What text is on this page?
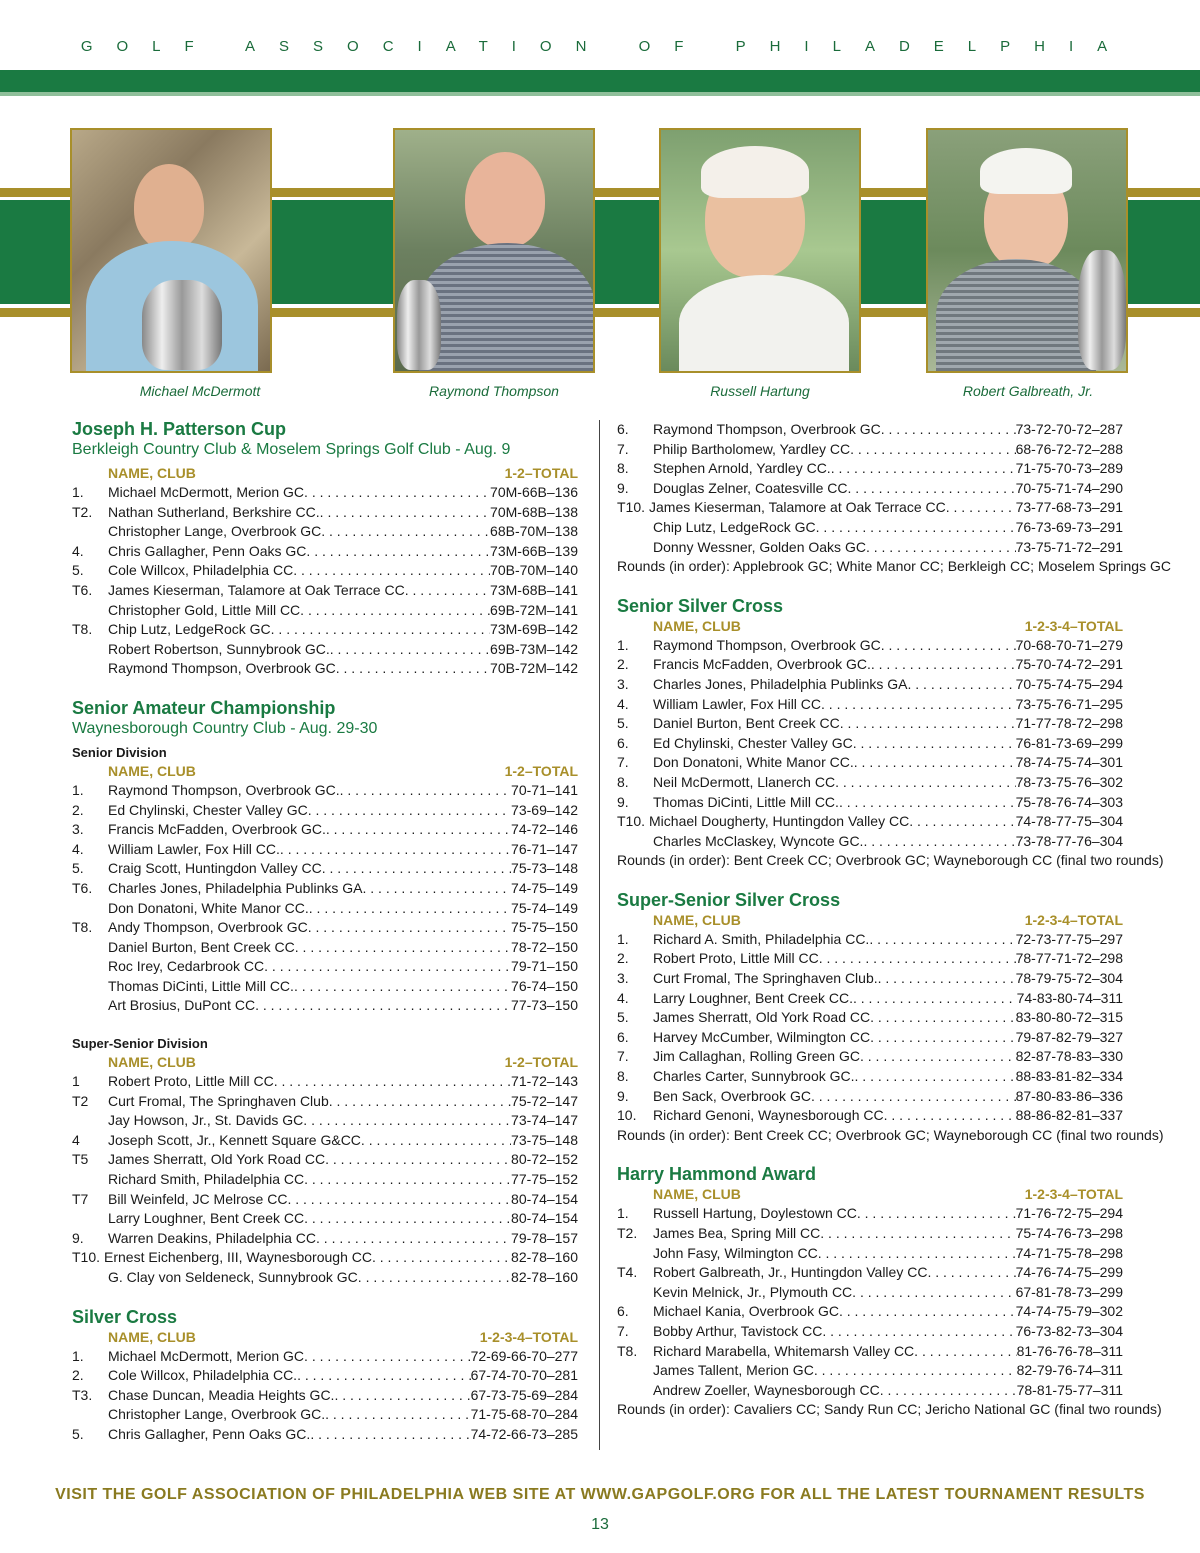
GOLF ASSOCIATION OF PHILADELPHIA
Michael McDermott	Raymond Thompson	Russell Hartung	Robert Galbreath, Jr.
Joseph H. Patterson Cup
Berkleigh Country Club & Moselem Springs Golf Club - Aug. 9
NAME, CLUB	1-2–TOTAL
1.	Michael McDermott, Merion GC . . .	70M-66B–136
T2.	Nathan Sutherland, Berkshire CC. . . .	70M-68B–138
Christopher Lange, Overbrook GC . . .	68B-70M–138
4.	Chris Gallagher, Penn Oaks GC . . .	73M-66B–139
5.	Cole Willcox, Philadelphia CC . . .	70B-70M–140
T6.	James Kieserman, Talamore at Oak Terrace CC . . .	73M-68B–141
Christopher Gold, Little Mill CC . . .	69B-72M–141
T8.	Chip Lutz, LedgeRock GC . . .	73M-69B–142
Robert Robertson, Sunnybrook GC. . . .	69B-73M–142
Raymond Thompson, Overbrook GC . . .	70B-72M–142
Senior Amateur Championship
Waynesborough Country Club - Aug. 29-30
Senior Division
NAME, CLUB	1-2–TOTAL
1.	Raymond Thompson, Overbrook GC. . . .	70-71–141
2.	Ed Chylinski, Chester Valley GC . . .	73-69–142
3.	Francis McFadden, Overbrook GC. . . .	74-72–146
4.	William Lawler, Fox Hill CC. . . .	76-71–147
5.	Craig Scott, Huntingdon Valley CC . . .	75-73–148
T6.	Charles Jones, Philadelphia Publinks GA . . .	74-75–149
Don Donatoni, White Manor CC. . . .	75-74–149
T8.	Andy Thompson, Overbrook GC . . .	75-75–150
Daniel Burton, Bent Creek CC . . .	78-72–150
Roc Irey, Cedarbrook CC . . .	79-71–150
Thomas DiCinti, Little Mill CC. . . .	76-74–150
Art Brosius, DuPont CC . . .	77-73–150
Super-Senior Division
NAME, CLUB	1-2–TOTAL
1	Robert Proto, Little Mill CC . . .	71-72–143
T2	Curt Fromal, The Springhaven Club . . .	75-72–147
Jay Howson, Jr., St. Davids GC . . .	73-74–147
4	Joseph Scott, Jr., Kennett Square G&CC . . .	73-75–148
T5	James Sherratt, Old York Road CC . . .	80-72–152
Richard Smith, Philadelphia CC . . .	77-75–152
T7	Bill Weinfeld, JC Melrose CC . . .	80-74–154
Larry Loughner, Bent Creek CC . . .	80-74–154
9.	Warren Deakins, Philadelphia CC . . .	79-78–157
T10. Ernest Eichenberg, III, Waynesborough CC . . .	82-78–160
G. Clay von Seldeneck, Sunnybrook GC . . .	82-78–160
Silver Cross
NAME, CLUB	1-2-3-4–TOTAL
1.	Michael McDermott, Merion GC . . .	72-69-66-70–277
2.	Cole Willcox, Philadelphia CC. . . .	67-74-70-70–281
T3.	Chase Duncan, Meadia Heights GC. . . .	67-73-75-69–284
Christopher Lange, Overbrook GC. . . .	71-75-68-70–284
5.	Chris Gallagher, Penn Oaks GC. . . .	74-72-66-73–285
6.	Raymond Thompson, Overbrook GC . . .	73-72-70-72–287
7.	Philip Bartholomew, Yardley CC . . .	68-76-72-72–288
8.	Stephen Arnold, Yardley CC. . . .	71-75-70-73–289
9.	Douglas Zelner, Coatesville CC . . .	70-75-71-74–290
T10. James Kieserman, Talamore at Oak Terrace CC . . .	73-77-68-73–291
Chip Lutz, LedgeRock GC . . .	76-73-69-73–291
Donny Wessner, Golden Oaks GC . . .	73-75-71-72–291
Rounds (in order): Applebrook GC; White Manor CC; Berkleigh CC; Moselem Springs GC
Senior Silver Cross
NAME, CLUB	1-2-3-4–TOTAL
1.	Raymond Thompson, Overbrook GC . . .	70-68-70-71–279
2.	Francis McFadden, Overbrook GC. . . .	75-70-74-72–291
3.	Charles Jones, Philadelphia Publinks GA . . .	70-75-74-75–294
4.	William Lawler, Fox Hill CC . . .	73-75-76-71–295
5.	Daniel Burton, Bent Creek CC . . .	71-77-78-72–298
6.	Ed Chylinski, Chester Valley GC . . .	76-81-73-69–299
7.	Don Donatoni, White Manor CC. . . .	78-74-75-74–301
8.	Neil McDermott, Llanerch CC . . .	78-73-75-76–302
9.	Thomas DiCinti, Little Mill CC. . . .	75-78-76-74–303
T10. Michael Dougherty, Huntingdon Valley CC . . .	74-78-77-75–304
Charles McClaskey, Wyncote GC. . . .	73-78-77-76–304
Rounds (in order): Bent Creek CC; Overbrook GC; Wayneborough CC (final two rounds)
Super-Senior Silver Cross
NAME, CLUB	1-2-3-4–TOTAL
1.	Richard A. Smith, Philadelphia CC. . . .	72-73-77-75–297
2.	Robert Proto, Little Mill CC . . .	78-77-71-72–298
3.	Curt Fromal, The Springhaven Club. . . .	78-79-75-72–304
4.	Larry Loughner, Bent Creek CC. . . .	74-83-80-74–311
5.	James Sherratt, Old York Road CC . . .	83-80-80-72–315
6.	Harvey McCumber, Wilmington CC . . .	79-87-82-79–327
7.	Jim Callaghan, Rolling Green GC . . .	82-87-78-83–330
8.	Charles Carter, Sunnybrook GC. . . .	88-83-81-82–334
9.	Ben Sack, Overbrook GC . . .	87-80-83-86–336
10.	Richard Genoni, Waynesborough CC . . .	88-86-82-81–337
Rounds (in order): Bent Creek CC; Overbrook GC; Wayneborough CC (final two rounds)
Harry Hammond Award
NAME, CLUB	1-2-3-4–TOTAL
1.	Russell Hartung, Doylestown CC . . .	71-76-72-75–294
T2.	James Bea, Spring Mill CC . . .	75-74-76-73–298
John Fasy, Wilmington CC . . .	74-71-75-78–298
T4.	Robert Galbreath, Jr., Huntingdon Valley CC . . .	74-76-74-75–299
Kevin Melnick, Jr., Plymouth CC . . .	67-81-78-73–299
6.	Michael Kania, Overbrook GC . . .	74-74-75-79–302
7.	Bobby Arthur, Tavistock CC . . .	76-73-82-73–304
T8.	Richard Marabella, Whitemarsh Valley CC . . .	81-76-76-78–311
James Tallent, Merion GC . . .	82-79-76-74–311
Andrew Zoeller, Waynesborough CC . . .	78-81-75-77–311
Rounds (in order): Cavaliers CC; Sandy Run CC; Jericho National GC (final two rounds)
VISIT THE GOLF ASSOCIATION OF PHILADELPHIA WEB SITE AT WWW.GAPGOLF.ORG FOR ALL THE LATEST TOURNAMENT RESULTS
13
